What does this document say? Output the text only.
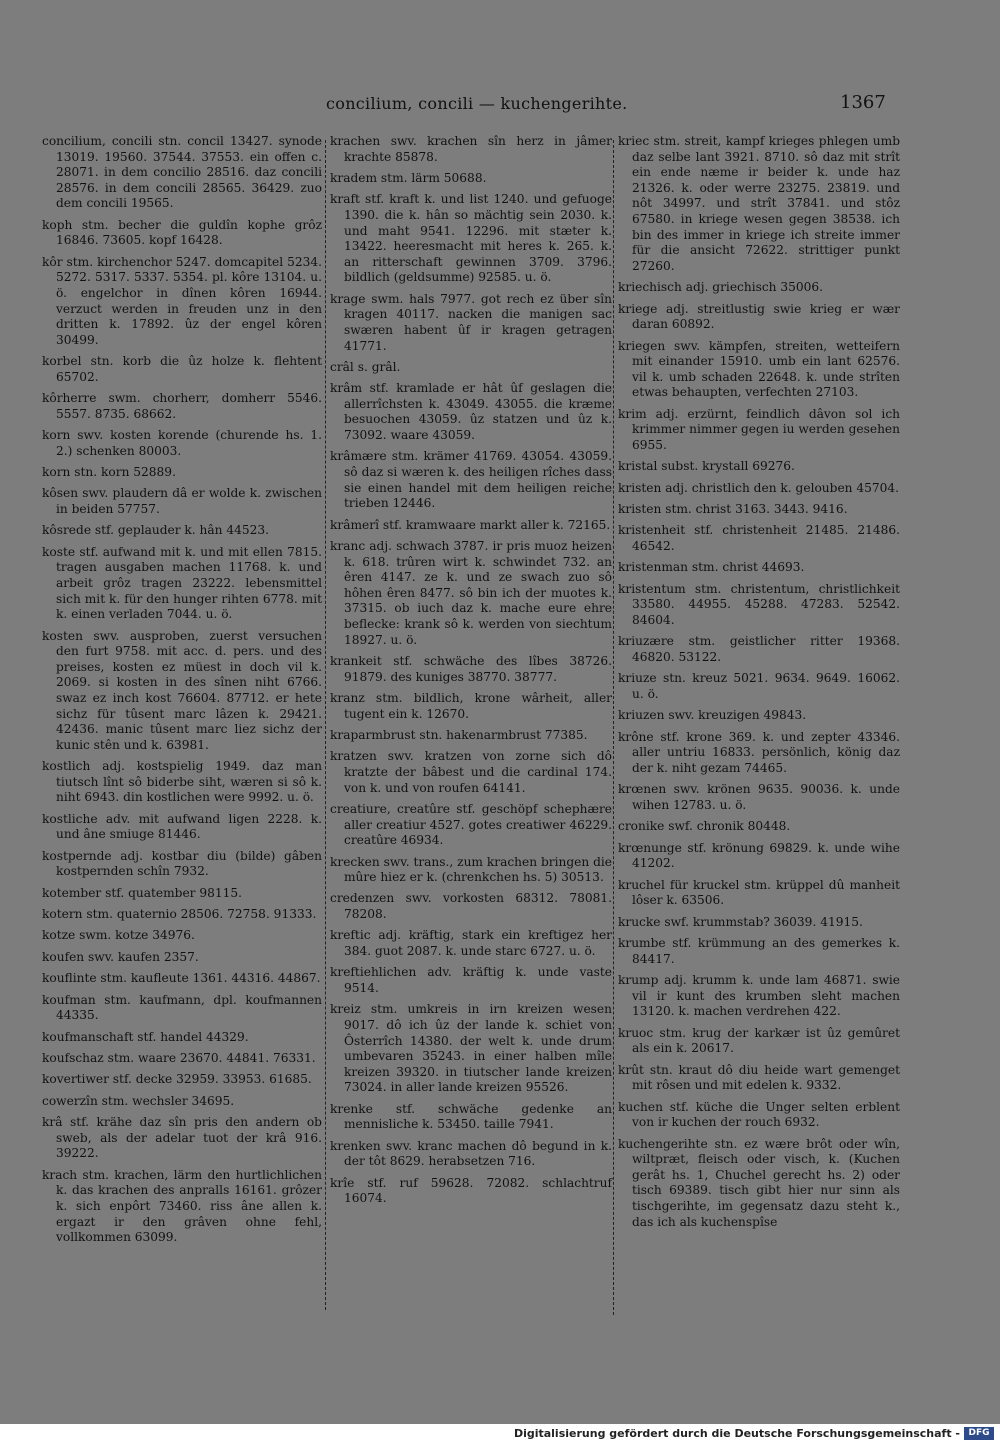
concilium, concili — kuchengerihte.	1367

concilium, concili stn. concil 13427. synode 13019. 19560. 37544. 37553. ein offen c. 28071. in dem concilio 28516. daz concili 28576. in dem concili 28565. 36429. zuo dem concili 19565.

koph stm. becher die guldîn kophe grôz 16846. 73605. kopf 16428.

kôr stm. kirchenchor 5247. domcapitel 5234. 5272. 5317. 5337. 5354. pl. kôre 13104. u. ö. engelchor in dînen kôren 16944. verzuct werden in freuden unz in den dritten k. 17892. ûz der engel kôren 30499.

korbel stn. korb die ûz holze k. flehtent 65702.

kôrherre swm. chorherr, domherr 5546. 5557. 8735. 68662.

korn swv. kosten korende (churende hs. 1. 2.) schenken 80003.

korn stn. korn 52889.

kôsen swv. plaudern dâ er wolde k. zwischen in beiden 57757.

kôsrede stf. geplauder k. hân 44523.

koste stf. aufwand mit k. und mit ellen 7815. tragen ausgaben machen 11768. k. und arbeit grôz tragen 23222. lebensmittel sich mit k. für den hunger rihten 6778. mit k. einen verladen 7044. u. ö.

kosten swv. ausproben, zuerst versuchen den furt 9758. mit acc. d. pers. und des preises, kosten ez müest in doch vil k. 2069. si kosten in des sînen niht 6766. swaz ez inch kost 76604. 87712. er hete sichz für tûsent marc lâzen k. 29421. 42436. manic tûsent marc liez sichz der kunic stên und k. 63981.

kostlich adj. kostspielig 1949. daz man tiutsch lînt sô biderbe siht, wæren si sô k. niht 6943. din kostlichen were 9992. u. ö.

kostliche adv. mit aufwand ligen 2228. k. und âne smiuge 81446.

kostpernde adj. kostbar diu (bilde) gâben kostpernden schîn 7932.

kotember stf. quatember 98115.

kotern stm. quaternio 28506. 72758. 91333.

kotze swm. kotze 34976.

koufen swv. kaufen 2357.

kouflinte stm. kaufleute 1361. 44316. 44867.

koufman stm. kaufmann, dpl. koufmannen 44335.

koufmanschaft stf. handel 44329.

koufschaz stm. waare 23670. 44841. 76331.

kovertiwer stf. decke 32959. 33953. 61685.

cowerzîn stm. wechsler 34695.

krâ stf. krähe daz sîn pris den andern ob sweb, als der adelar tuot der krâ 916. 39222.

krach stm. krachen, lärm den hurtlichlichen k. das krachen des anpralls 16161. grôzer k. sich enpôrt 73460. riss âne allen k. ergazt ir den grâven ohne fehl, vollkommen 63099.

krachen swv. krachen sîn herz in jâmer krachte 85878.

kradem stm. lärm 50688.

kraft stf. kraft k. und list 1240. und gefuoge 1390. die k. hân so mächtig sein 2030. k. und maht 9541. 12296. mit stæter k. 13422. heeresmacht mit heres k. 265. k. an ritterschaft gewinnen 3709. 3796. bildlich (geldsumme) 92585. u. ö.

krage swm. hals 7977. got rech ez über sîn kragen 40117. nacken die manigen sac swæren habent ûf ir kragen getragen 41771.

crâl s. grâl.

krâm stf. kramlade er hât ûf geslagen die allerrîchsten k. 43049. 43055. die kræme besuochen 43059. ûz statzen und ûz k. 73092. waare 43059.

krâmære stm. krämer 41769. 43054. 43059. sô daz si wæren k. des heiligen rîches dass sie einen handel mit dem heiligen reiche trieben 12446.

krâmerî stf. kramwaare markt aller k. 72165.

kranc adj. schwach 3787. ir pris muoz heizen k. 618. trûren wirt k. schwindet 732. an êren 4147. ze k. und ze swach zuo sô hôhen êren 8477. sô bin ich der muotes k. 37315. ob iuch daz k. mache eure ehre beflecke: krank sô k. werden von siechtum 18927. u. ö.

krankeit stf. schwäche des lîbes 38726. 91879. des kuniges 38770. 38777.

kranz stm. bildlich, krone wârheit, aller tugent ein k. 12670.

kraparmbrust stn. hakenarmbrust 77385.

kratzen swv. kratzen von zorne sich dô kratzte der bâbest und die cardinal 174. von k. und von roufen 64141.

creatiure, creatûre stf. geschöpf schephære aller creatiur 4527. gotes creatiwer 46229. creatûre 46934.

krecken swv. trans., zum krachen bringen die mûre hiez er k. (chrenkchen hs. 5) 30513.

credenzen swv. vorkosten 68312. 78081. 78208.

kreftic adj. kräftig, stark ein kreftigez her 384. guot 2087. k. unde starc 6727. u. ö.

kreftiehlichen adv. kräftig k. unde vaste 9514.

kreiz stm. umkreis in irn kreizen wesen 9017. dô ich ûz der lande k. schiet von Ôsterrîch 14380. der welt k. unde drum umbevaren 35243. in einer halben mîle kreizen 39320. in tiutscher lande kreizen 73024. in aller lande kreizen 95526.

krenke stf. schwäche gedenke an mennisliche k. 53450. taille 7941.

krenken swv. kranc machen dô begund in k. der tôt 8629. herabsetzen 716.

krîe stf. ruf 59628. 72082. schlachtruf 16074.

kriec stm. streit, kampf krieges phlegen umb daz selbe lant 3921. 8710. sô daz mit strît ein ende næme ir beider k. unde haz 21326. k. oder werre 23275. 23819. und nôt 34997. und strît 37841. und stôz 67580. in kriege wesen gegen 38538. ich bin des immer in kriege ich streite immer für die ansicht 72622. strittiger punkt 27260.

kriechisch adj. griechisch 35006.

kriege adj. streitlustig swie krieg er wær daran 60892.

kriegen swv. kämpfen, streiten, wetteifern mit einander 15910. umb ein lant 62576. vil k. umb schaden 22648. k. unde strîten etwas behaupten, verfechten 27103.

krim adj. erzürnt, feindlich dâvon sol ich krimmer nimmer gegen iu werden gesehen 6955.

kristal subst. krystall 69276.

kristen adj. christlich den k. gelouben 45704.

kristen stm. christ 3163. 3443. 9416.

kristenheit stf. christenheit 21485. 21486. 46542.

kristenman stm. christ 44693.

kristentum stm. christentum, christlichkeit 33580. 44955. 45288. 47283. 52542. 84604.

kriuzære stm. geistlicher ritter 19368. 46820. 53122.

kriuze stn. kreuz 5021. 9634. 9649. 16062. u. ö.

kriuzen swv. kreuzigen 49843.

krône stf. krone 369. k. und zepter 43346. aller untriu 16833. persönlich, könig daz der k. niht gezam 74465.

krœnen swv. krönen 9635. 90036. k. unde wihen 12783. u. ö.

cronike swf. chronik 80448.

krœnunge stf. krönung 69829. k. unde wihe 41202.

kruchel für kruckel stm. krüppel dû manheit lôser k. 63506.

krucke swf. krummstab? 36039. 41915.

krumbe stf. krümmung an des gemerkes k. 84417.

krump adj. krumm k. unde lam 46871. swie vil ir kunt des krumben sleht machen 13120. k. machen verdrehen 422.

kruoc stm. krug der karkær ist ûz gemûret als ein k. 20617.

krût stn. kraut dô diu heide wart gemenget mit rôsen und mit edelen k. 9332.

kuchen stf. küche die Unger selten erblent von ir kuchen der rouch 6932.

kuchengerihte stn. ez wære brôt oder wîn, wiltpræt, fleisch oder visch, k. (Kuchen gerât hs. 1, Chuchel gerecht hs. 2) oder tisch 69389. tisch gibt hier nur sinn als tischgerihte, im gegensatz dazu steht k., das ich als kuchenspîse

Digitalisierung gefördert durch die Deutsche Forschungsgemeinschaft - DFG
